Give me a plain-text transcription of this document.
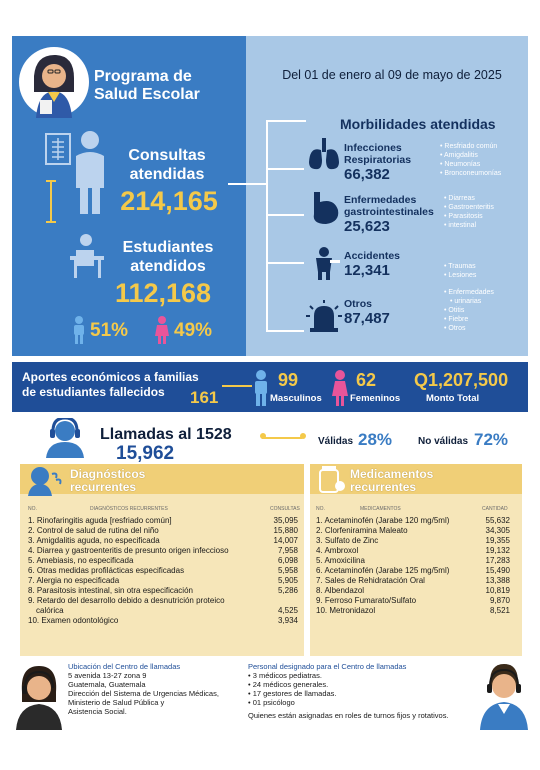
Programa de
Salud Escolar
Del 01 de enero al 09 de mayo de 2025
Consultas
atendidas
214,165
Estudiantes
atendidos
112,168
51% 49%
Morbilidades atendidas
Infecciones
Respiratorias
66,382
• Resfriado común
• Amigdalitis
• Neumonías
• Bronconeumonías
Enfermedades
gastrointestinales
25,623
• Diarreas
• Gastroenteritis
• Parasitosis
• intestinal
Accidentes
12,341
•	Traumas
• Lesiones
Otros
87,487
• Enfermedades
• urinarias
• Otitis
• Fiebre
• Otros
Aportes económicos a familias
de estudiantes fallecidos	161
99
Masculinos
62
Femeninos
Q1,207,500
Monto Total
Llamadas al 1528
15,962
Válidas 28%	No válidas 72%
Diagnósticos
recurrentes
NO.	DIAGNÓSTICOS RECURRENTES	CONSULTAS
1. Rinofaringitis aguda [resfriado común]	35,095
2. Control de salud de rutina del niño	15,880
3. Amigdalitis aguda, no especificada	14,007
4. Diarrea y gastroenteritis de presunto origen infeccioso	7,958
5. Amebiasis, no especificada	6,098
6. Otras medidas profilácticas especificadas	5,958
7. Alergia no especificada	5,905
8. Parasitosis intestinal, sin otra especificación	5,286
9. Retardo del desarrollo debido a desnutrición proteico
calórica	4,525
10. Examen odontológico	3,934
Medicamentos
recurrentes
NO.	MEDICAMENTOS	CANTIDAD
1. Acetaminofén (Jarabe 120 mg/5ml)	55,632
2. Clorfeniramina Maleato	34,305
3. Sulfato de Zinc	19,355
4. Ambroxol	19,132
5. Amoxicilina	17,283
6. Acetaminofén (Jarabe 125 mg/5ml)	15,490
7. Sales de Rehidratación Oral	13,388
8. Albendazol	10,819
9. Ferroso Fumarato/Sulfato	9,870
10. Metronidazol	8,521
Ubicación del Centro de llamadas
5 avenida 13-27 zona 9
Guatemala, Guatemala
Dirección del Sistema de Urgencias Médicas,
Ministerio de Salud Pública y
Asistencia Social.
Personal designado para el Centro de llamadas
• 3 médicos pediatras.
• 24 médicos generales.
• 17 gestores de llamadas.
• 01 psicólogo
Quienes están asignadas en roles de turnos fijos y rotativos.
